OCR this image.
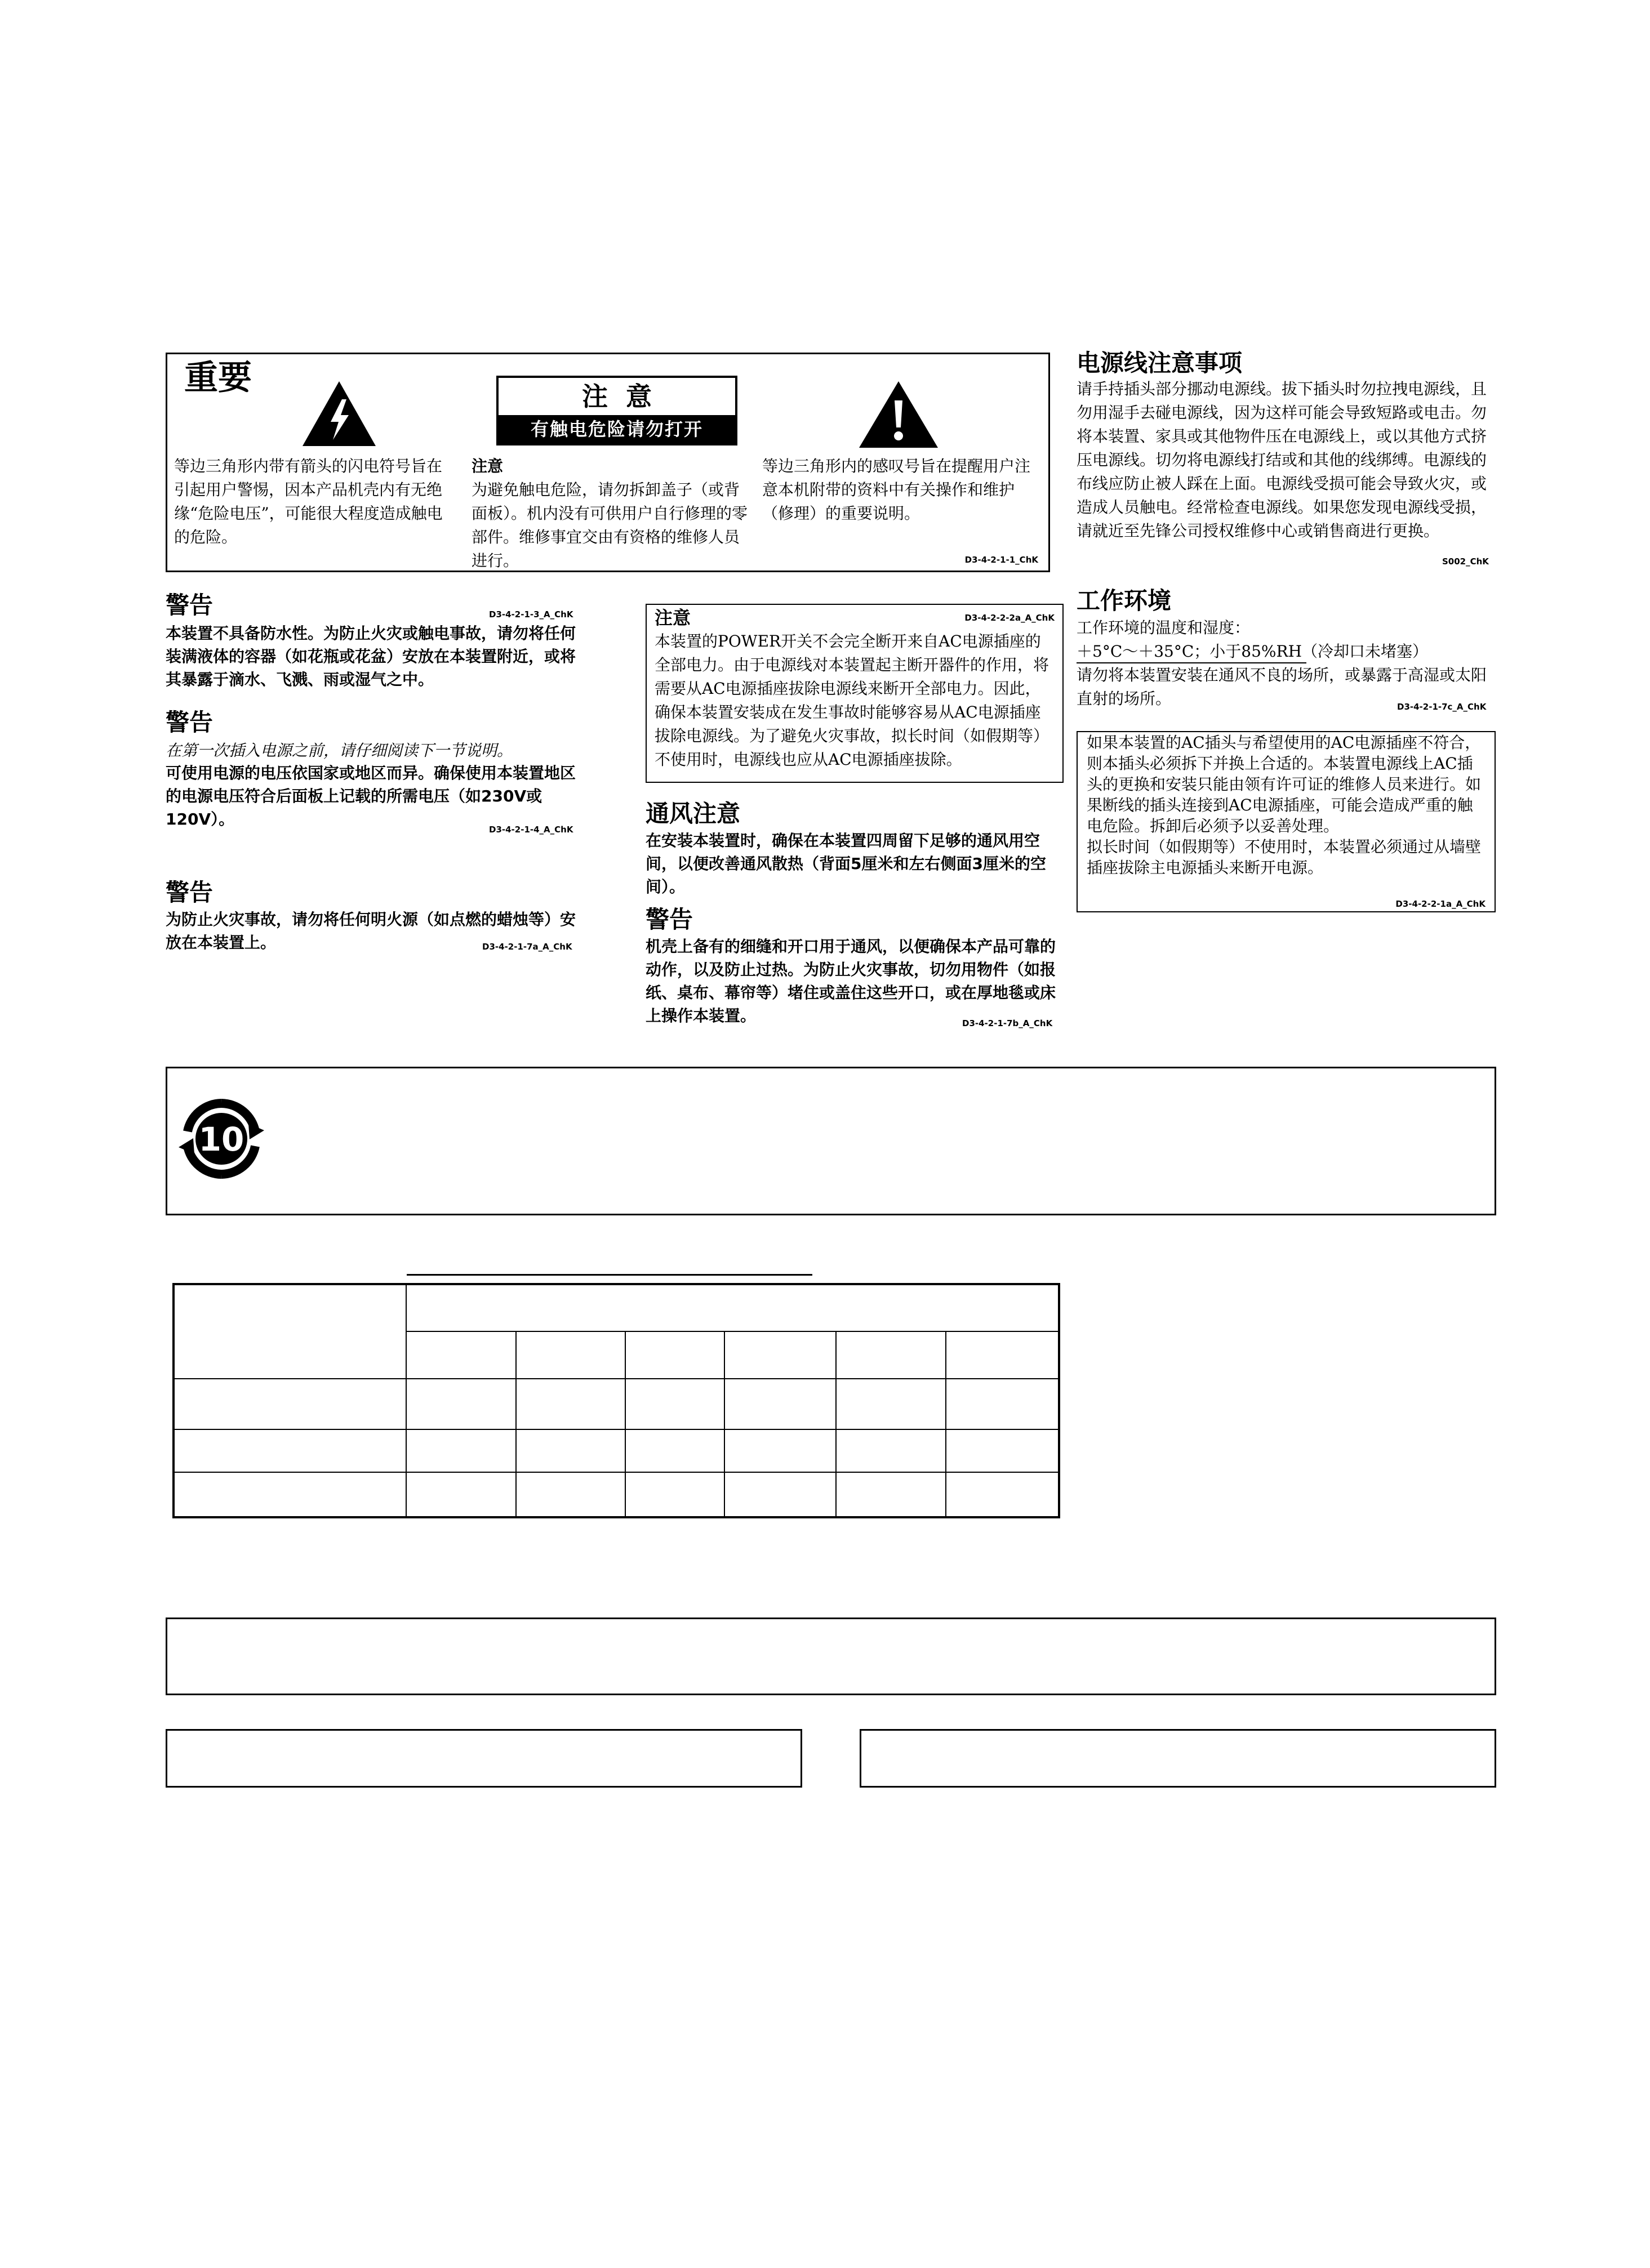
重要	注  意
有触电危险请勿打开
等边三角形内带有箭头的闪电符号旨在引起用户警惕，因本产品机壳内有无绝缘“危险电压”，可能很大程度造成触电的危险。
注意
为避免触电危险，请勿拆卸盖子（或背面板）。机内没有可供用户自行修理的零部件。维修事宜交由有资格的维修人员进行。
等边三角形内的感叹号旨在提醒用户注意本机附带的资料中有关操作和维护（修理）的重要说明。
D3-4-2-1-1_ChK
电源线注意事项
请手持插头部分挪动电源线。拔下插头时勿拉拽电源线，且勿用湿手去碰电源线，因为这样可能会导致短路或电击。勿将本装置、家具或其他物件压在电源线上，或以其他方式挤压电源线。切勿将电源线打结或和其他的线绑缚。电源线的布线应防止被人踩在上面。电源线受损可能会导致火灾，或造成人员触电。经常检查电源线。如果您发现电源线受损，请就近至先锋公司授权维修中心或销售商进行更换。
S002_ChK
警告	D3-4-2-1-3_A_ChK
本装置不具备防水性。为防止火灾或触电事故，请勿将任何装满液体的容器（如花瓶或花盆）安放在本装置附近，或将其暴露于滴水、飞溅、雨或湿气之中。
警告
在第一次插入电源之前，请仔细阅读下一节说明。
可使用电源的电压依国家或地区而异。确保使用本装置地区的电源电压符合后面板上记载的所需电压（如230V或120V）。
D3-4-2-1-4_A_ChK
警告
为防止火灾事故，请勿将任何明火源（如点燃的蜡烛等）安放在本装置上。	D3-4-2-1-7a_A_ChK
注意	D3-4-2-2-2a_A_ChK
本装置的POWER开关不会完全断开来自AC电源插座的全部电力。由于电源线对本装置起主断开器件的作用，将需要从AC电源插座拔除电源线来断开全部电力。因此，确保本装置安装成在发生事故时能够容易从AC电源插座拔除电源线。为了避免火灾事故，拟长时间（如假期等）不使用时，电源线也应从AC电源插座拔除。
通风注意
在安装本装置时，确保在本装置四周留下足够的通风用空间，以便改善通风散热（背面5厘米和左右侧面3厘米的空间）。
警告
机壳上备有的细缝和开口用于通风，以便确保本产品可靠的动作，以及防止过热。为防止火灾事故，切勿用物件（如报纸、桌布、幕帘等）堵住或盖住这些开口，或在厚地毯或床上操作本装置。	D3-4-2-1-7b_A_ChK
工作环境
工作环境的温度和湿度：
＋5°C～＋35°C；小于85%RH（冷却口未堵塞）
请勿将本装置安装在通风不良的场所，或暴露于高湿或太阳直射的场所。	D3-4-2-1-7c_A_ChK
如果本装置的AC插头与希望使用的AC电源插座不符合，则本插头必须拆下并换上合适的。本装置电源线上AC插头的更换和安装只能由领有许可证的维修人员来进行。如果断线的插头连接到AC电源插座，可能会造成严重的触电危险。拆卸后必须予以妥善处理。
拟长时间（如假期等）不使用时，本装置必须通过从墙壁插座拔除主电源插头来断开电源。
D3-4-2-2-1a_A_ChK
10
